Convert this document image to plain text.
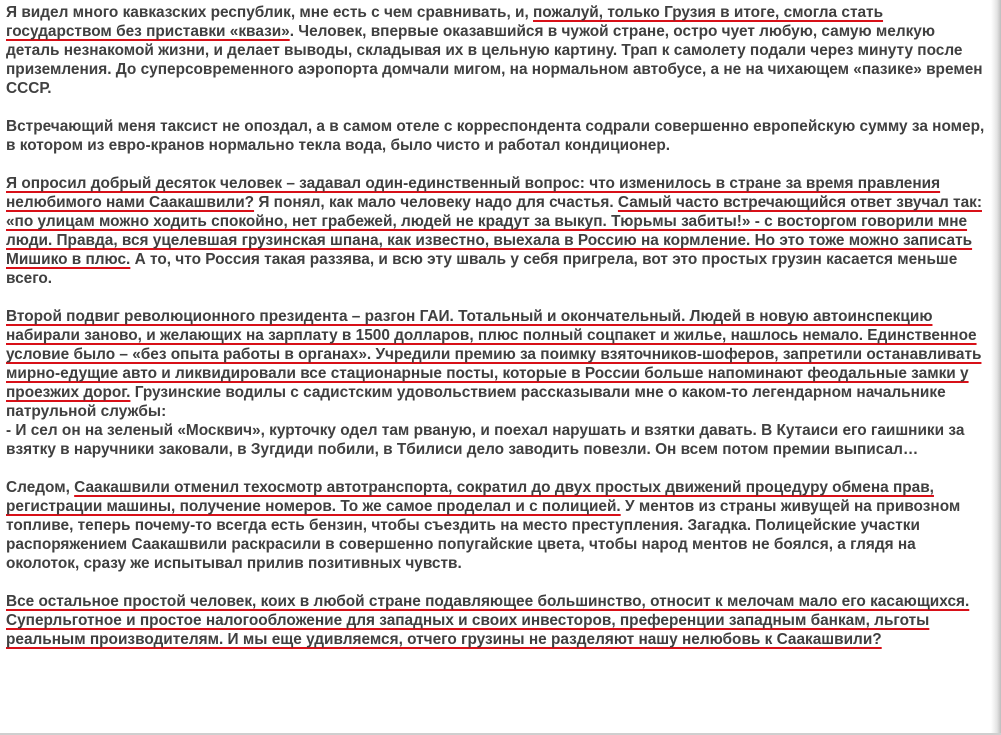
Я видел много кавказских республик, мне есть с чем сравнивать, и, пожалуй, только Грузия в итоге, смогла стать государством без приставки «квази». Человек, впервые оказавшийся в чужой стране, остро чует любую, самую мелкую деталь незнакомой жизни, и делает выводы, складывая их в цельную картину. Трап к самолету подали через минуту после приземления. До суперсовременного аэропорта домчали мигом, на нормальном автобусе, а не на чихающем «пазике» времен СССР.

Встречающий меня таксист не опоздал, а в самом отеле с корреспондента содрали совершенно европейскую сумму за номер, в котором из евро-кранов нормально текла вода, было чисто и работал кондиционер.

Я опросил добрый десяток человек – задавал один-единственный вопрос: что изменилось в стране за время правления нелюбимого нами Саакашвили? Я понял, как мало человеку надо для счастья. Самый часто встречающийся ответ звучал так: «по улицам можно ходить спокойно, нет грабежей, людей не крадут за выкуп. Тюрьмы забиты!» - с восторгом говорили мне люди. Правда, вся уцелевшая грузинская шпана, как известно, выехала в Россию на кормление. Но это тоже можно записать Мишико в плюс. А то, что Россия такая раззява, и всю эту шваль у себя пригрела, вот это простых грузин касается меньше всего.

Второй подвиг революционного президента – разгон ГАИ. Тотальный и окончательный. Людей в новую автоинспекцию набирали заново, и желающих на зарплату в 1500 долларов, плюс полный соцпакет и жилье, нашлось немало. Единственное условие было – «без опыта работы в органах». Учредили премию за поимку взяточников-шоферов, запретили останавливать мирно-едущие авто и ликвидировали все стационарные посты, которые в России больше напоминают феодальные замки у проезжих дорог. Грузинские водилы с садистским удовольствием рассказывали мне о каком-то легендарном начальнике патрульной службы:
- И сел он на зеленый «Москвич», курточку одел там рваную, и поехал нарушать и взятки давать. В Кутаиси его гаишники за взятку в наручники заковали, в Зугдиди побили, в Тбилиси дело заводить повезли. Он всем потом премии выписал…

Следом, Саакашвили отменил техосмотр автотранспорта, сократил до двух простых движений процедуру обмена прав, регистрации машины, получение номеров. То же самое проделал и с полицией. У ментов из страны живущей на привозном топливе, теперь почему-то всегда есть бензин, чтобы съездить на место преступления. Загадка. Полицейские участки распоряжением Саакашвили раскрасили в совершенно попугайские цвета, чтобы народ ментов не боялся, а глядя на околоток, сразу же испытывал прилив позитивных чувств.

Все остальное простой человек, коих в любой стране подавляющее большинство, относит к мелочам мало его касающихся. Суперльготное и простое налогообложение для западных и своих инвесторов, преференции западным банкам, льготы реальным производителям. И мы еще удивляемся, отчего грузины не разделяют нашу нелюбовь к Саакашвили?
